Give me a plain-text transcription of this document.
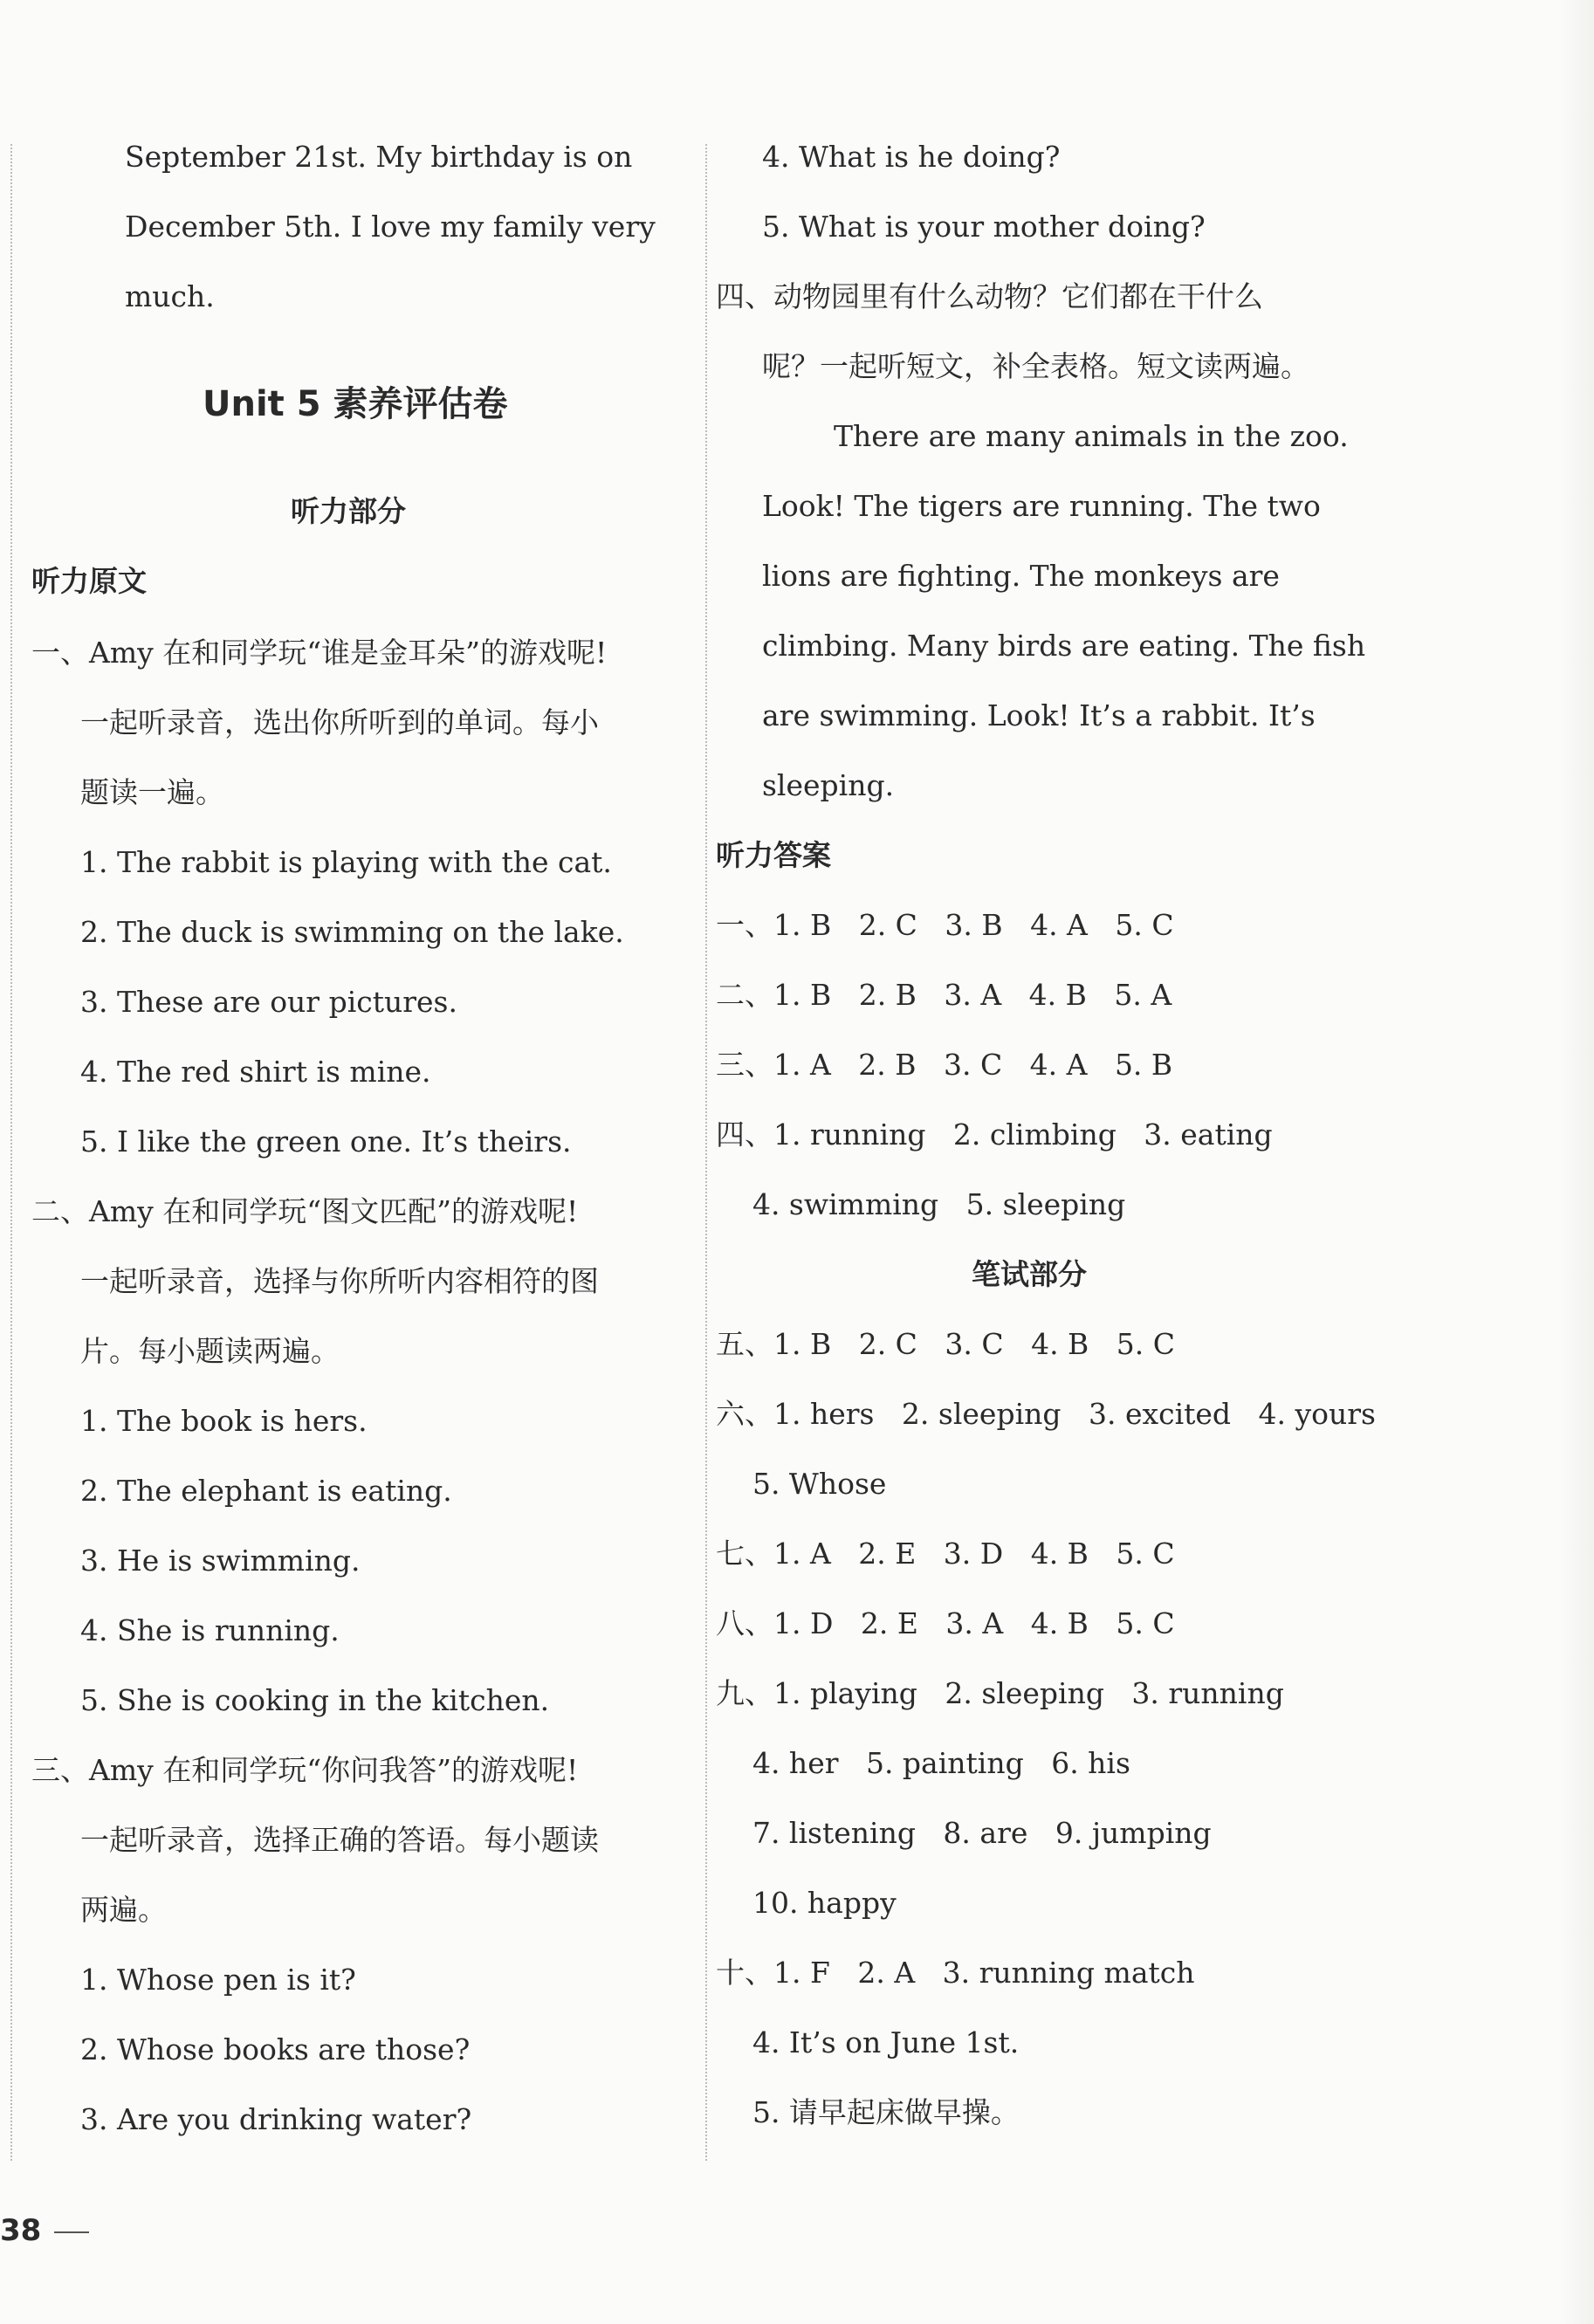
September 21st. My birthday is on
December 5th. I love my family very
much.
Unit 5 素养评估卷
听力部分
听力原文
一、Amy 在和同学玩“谁是金耳朵”的游戏呢!
一起听录音，选出你所听到的单词。每小
题读一遍。
1. The rabbit is playing with the cat.
2. The duck is swimming on the lake.
3. These are our pictures.
4. The red shirt is mine.
5. I like the green one. It’s theirs.
二、Amy 在和同学玩“图文匹配”的游戏呢!
一起听录音，选择与你所听内容相符的图
片。每小题读两遍。
1. The book is hers.
2. The elephant is eating.
3. He is swimming.
4. She is running.
5. She is cooking in the kitchen.
三、Amy 在和同学玩“你问我答”的游戏呢!
一起听录音，选择正确的答语。每小题读
两遍。
1. Whose pen is it?
2. Whose books are those?
3. Are you drinking water?
4. What is he doing?
5. What is your mother doing?
四、动物园里有什么动物？它们都在干什么
呢？一起听短文，补全表格。短文读两遍。
There are many animals in the zoo.
Look! The tigers are running. The two
lions are fighting. The monkeys are
climbing. Many birds are eating. The fish
are swimming. Look! It’s a rabbit. It’s
sleeping.
听力答案
一、1. B   2. C   3. B   4. A   5. C
二、1. B   2. B   3. A   4. B   5. A
三、1. A   2. B   3. C   4. A   5. B
四、1. running   2. climbing   3. eating
4. swimming   5. sleeping
笔试部分
五、1. B   2. C   3. C   4. B   5. C
六、1. hers   2. sleeping   3. excited   4. yours
5. Whose
七、1. A   2. E   3. D   4. B   5. C
八、1. D   2. E   3. A   4. B   5. C
九、1. playing   2. sleeping   3. running
4. her   5. painting   6. his
7. listening   8. are   9. jumping
10. happy
十、1. F   2. A   3. running match
4. It’s on June 1st.
5. 请早起床做早操。
38
